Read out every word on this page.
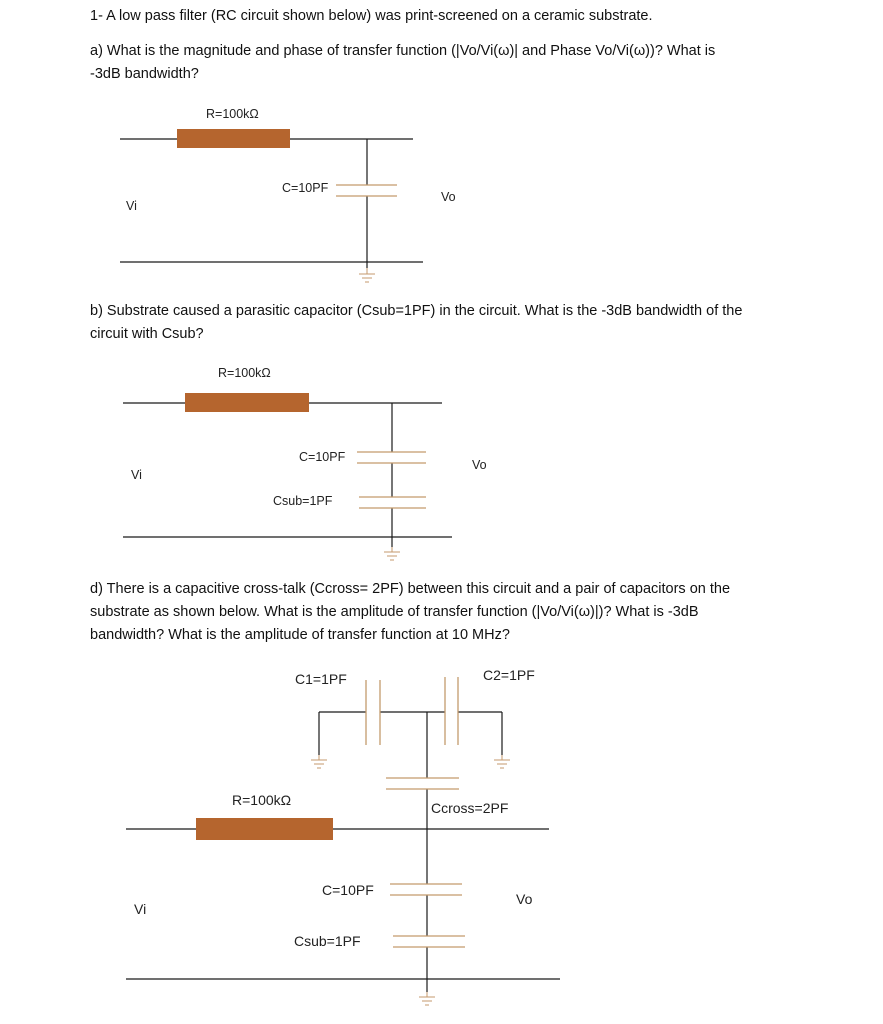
1- A low pass filter (RC circuit shown below) was print-screened on a ceramic substrate.

a) What is the magnitude and phase of transfer function (|Vo/Vi(ω)| and Phase Vo/Vi(ω))? What is
-3dB bandwidth?

b) Substrate caused a parasitic capacitor (Csub=1PF) in the circuit. What is the -3dB bandwidth of the
circuit with Csub?

d) There is a capacitive cross-talk (Ccross= 2PF) between this circuit and a pair of capacitors on the
substrate as shown below. What is the amplitude of transfer function (|Vo/Vi(ω)|)? What is -3dB
bandwidth? What is the amplitude of transfer function at 10 MHz?

R=100kΩ
C=10PF
Vi
Vo
R=100kΩ
C=10PF
Csub=1PF
Vi
Vo
C1=1PF	C2=1PF
R=100kΩ	Ccross=2PF
C=10PF
Csub=1PF
Vi
Vo
